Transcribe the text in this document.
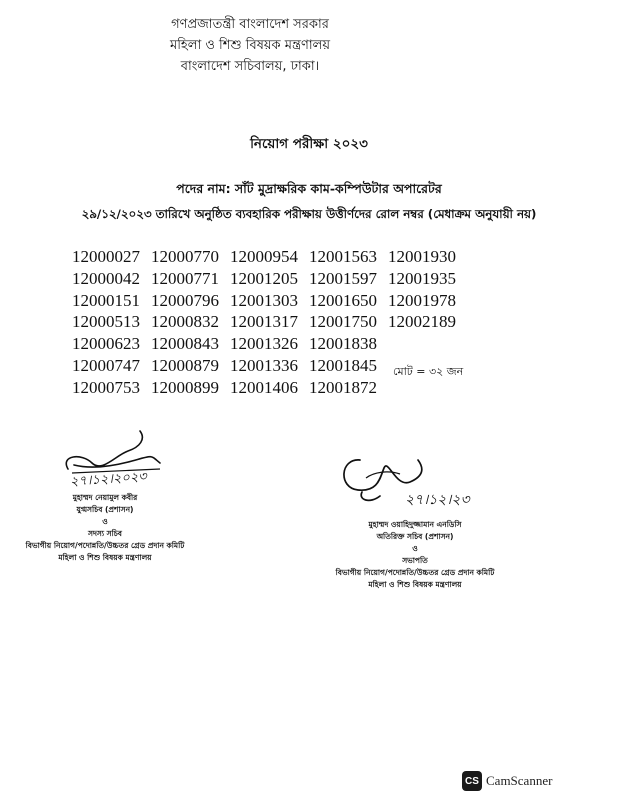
গণপ্রজাতন্ত্রী বাংলাদেশ সরকার
মহিলা ও শিশু বিষয়ক মন্ত্রণালয়
বাংলাদেশ সচিবালয়, ঢাকা।
নিয়োগ পরীক্ষা ২০২৩
পদের নাম: সাঁট মুদ্রাক্ষরিক কাম-কম্পিউটার অপারেটর
২৯/১২/২০২৩ তারিখে অনুষ্ঠিত ব্যবহারিক পরীক্ষায় উত্তীর্ণদের রোল নম্বর (মেধাক্রম অনুযায়ী নয়)
12000027 12000770 12000954 12001563 12001930
12000042 12000771 12001205 12001597 12001935
12000151 12000796 12001303 12001650 12001978
12000513 12000832 12001317 12001750 12002189
12000623 12000843 12001326 12001838
12000747 12000879 12001336 12001845
12000753 12000899 12001406 12001872
মোট = ৩২ জন
২৭।১২।২০২৩
মুহাম্মদ নেয়ামুল কবীর
যুগ্মসচিব (প্রশাসন)
ও
সদস্য সচিব
বিভাগীয় নিয়োগ/পদোন্নতি/উচ্চতর গ্রেড প্রদান কমিটি
মহিলা ও শিশু বিষয়ক মন্ত্রণালয়
২৭।১২।২৩
মুহাম্মদ ওয়াহিদুজ্জামান এনডিসি
অতিরিক্ত সচিব (প্রশাসন)
ও
সভাপতি
বিভাগীয় নিয়োগ/পদোন্নতি/উচ্চতর গ্রেড প্রদান কমিটি
মহিলা ও শিশু বিষয়ক মন্ত্রণালয়
CS CamScanner
